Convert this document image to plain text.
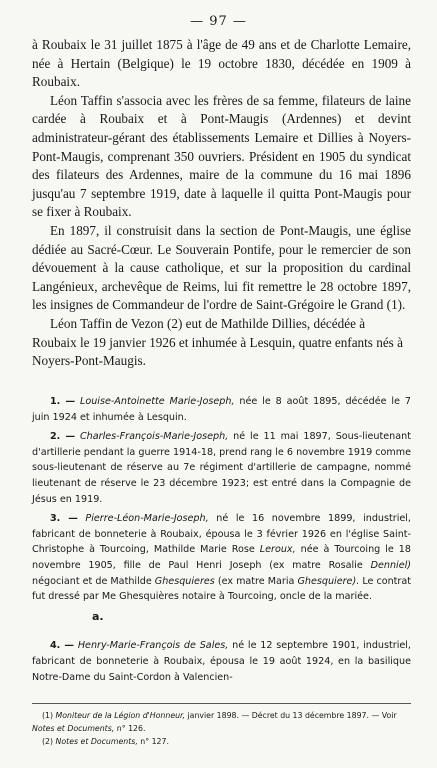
— 97 —

à Roubaix le 31 juillet 1875 à l'âge de 49 ans et de Charlotte Lemaire, née à Hertain (Belgique) le 19 octobre 1830, décédée en 1909 à Roubaix.

Léon Taffin s'associa avec les frères de sa femme, filateurs de laine cardée à Roubaix et à Pont-Maugis (Ardennes) et devint administrateur-gérant des établissements Lemaire et Dillies à Noyers-Pont-Maugis, comprenant 350 ouvriers. Président en 1905 du syndicat des filateurs des Ardennes, maire de la commune du 16 mai 1896 jusqu'au 7 septembre 1919, date à laquelle il quitta Pont-Maugis pour se fixer à Roubaix.

En 1897, il construisit dans la section de Pont-Maugis, une église dédiée au Sacré-Cœur. Le Souverain Pontife, pour le remercier de son dévouement à la cause catholique, et sur la proposition du cardinal Langénieux, archevêque de Reims, lui fit remettre le 28 octobre 1897, les insignes de Commandeur de l'ordre de Saint-Grégoire le Grand (1).

Léon Taffin de Vezon (2) eut de Mathilde Dillies, décédée à Roubaix le 19 janvier 1926 et inhumée à Lesquin, quatre enfants nés à Noyers-Pont-Maugis.

1. — Louise-Antoinette Marie-Joseph, née le 8 août 1895, décédée le 7 juin 1924 et inhumée à Lesquin.

2. — Charles-François-Marie-Joseph, né le 11 mai 1897, Sous-lieutenant d'artillerie pendant la guerre 1914-18, prend rang le 6 novembre 1919 comme sous-lieutenant de réserve au 7e régiment d'artillerie de campagne, nommé lieutenant de réserve le 23 décembre 1923; est entré dans la Compagnie de Jésus en 1919.

3. — Pierre-Léon-Marie-Joseph, né le 16 novembre 1899, industriel, fabricant de bonneterie à Roubaix, épousa le 3 février 1926 en l'église Saint-Christophe à Tourcoing, Mathilde Marie Rose Leroux, née à Tourcoing le 18 novembre 1905, fille de Paul Henri Joseph (ex matre Rosalie Denniel) négociant et de Mathilde Ghesquieres (ex matre Maria Ghesquiere). Le contrat fut dressé par Me Ghesquières notaire à Tourcoing, oncle de la mariée.

a.

4. — Henry-Marie-François de Sales, né le 12 septembre 1901, industriel, fabricant de bonneterie à Roubaix, épousa le 19 août 1924, en la basilique Notre-Dame du Saint-Cordon à Valencien-

(1) Moniteur de la Légion d'Honneur, janvier 1898. — Décret du 13 décembre 1897. — Voir Notes et Documents, n° 126.

(2) Notes et Documents, n° 127.
